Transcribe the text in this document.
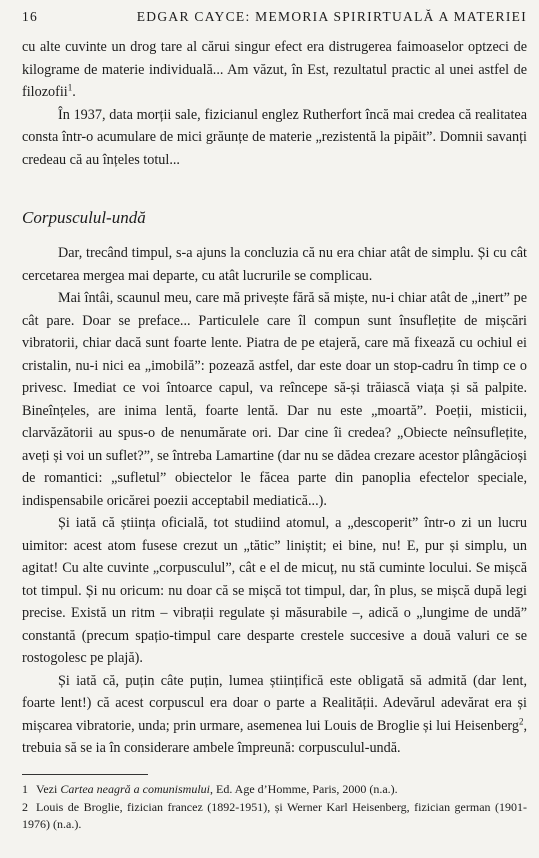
16	EDGAR CAYCE: MEMORIA SPIRIRTUALĂ A MATERIEI

cu alte cuvinte un drog tare al cărui singur efect era distrugerea faimoaselor optzeci de kilograme de materie individuală... Am văzut, în Est, rezultatul practic al unei astfel de filozofii$^1$.

În 1937, data morții sale, fizicianul englez Rutherfort încă mai credea că realitatea consta într-o acumulare de mici grăunțe de materie „rezistentă la pipăit”. Domnii savanți credeau că au înțeles totul...

Corpusculul-undă

Dar, trecând timpul, s-a ajuns la concluzia că nu era chiar atât de simplu. Și cu cât cercetarea mergea mai departe, cu atât lucrurile se complicau.

Mai întâi, scaunul meu, care mă privește fără să miște, nu-i chiar atât de „inert” pe cât pare. Doar se preface... Particulele care îl compun sunt însuflețite de mișcări vibratorii, chiar dacă sunt foarte lente. Piatra de pe etajeră, care mă fixează cu ochiul ei cristalin, nu-i nici ea „imobilă”: pozează astfel, dar este doar un stop-cadru în timp ce o privesc. Imediat ce voi întoarce capul, va reîncepe să-și trăiască viața și să palpite. Bineînțeles, are inima lentă, foarte lentă. Dar nu este „moartă”. Poeții, misticii, clarvăzătorii au spus-o de nenumărate ori. Dar cine îi credea? „Obiecte neînsuflețite, aveți și voi un suflet?”, se întreba Lamartine (dar nu se dădea crezare acestor plângăcioși de romantici: „sufletul” obiectelor le făcea parte din panoplia efectelor speciale, indispensabile oricărei poezii acceptabil mediatică...).

Și iată că știința oficială, tot studiind atomul, a „descoperit” într-o zi un lucru uimitor: acest atom fusese crezut un „tătic” liniștit; ei bine, nu! E, pur și simplu, un agitat! Cu alte cuvinte „corpusculul”, cât e el de micuț, nu stă cuminte locului. Se mișcă tot timpul. Și nu oricum: nu doar că se mișcă tot timpul, dar, în plus, se mișcă după legi precise. Există un ritm – vibrații regulate și măsurabile –, adică o „lungime de undă” constantă (precum spațio-timpul care desparte crestele succesive a două valuri ce se rostogolesc pe plajă).

Și iată că, puțin câte puțin, lumea științifică este obligată să admită (dar lent, foarte lent!) că acest corpuscul era doar o parte a Realității. Adevărul adevărat era și mișcarea vibratorie, unda; prin urmare, asemenea lui Louis de Broglie și lui Heisenberg$^2$, trebuia să se ia în considerare ambele împreună: corpusculul-undă.

1 Vezi Cartea neagră a comunismului, Ed. Age d’Homme, Paris, 2000 (n.a.).

2 Louis de Broglie, fizician francez (1892-1951), și Werner Karl Heisenberg, fizician german (1901-1976) (n.a.).
